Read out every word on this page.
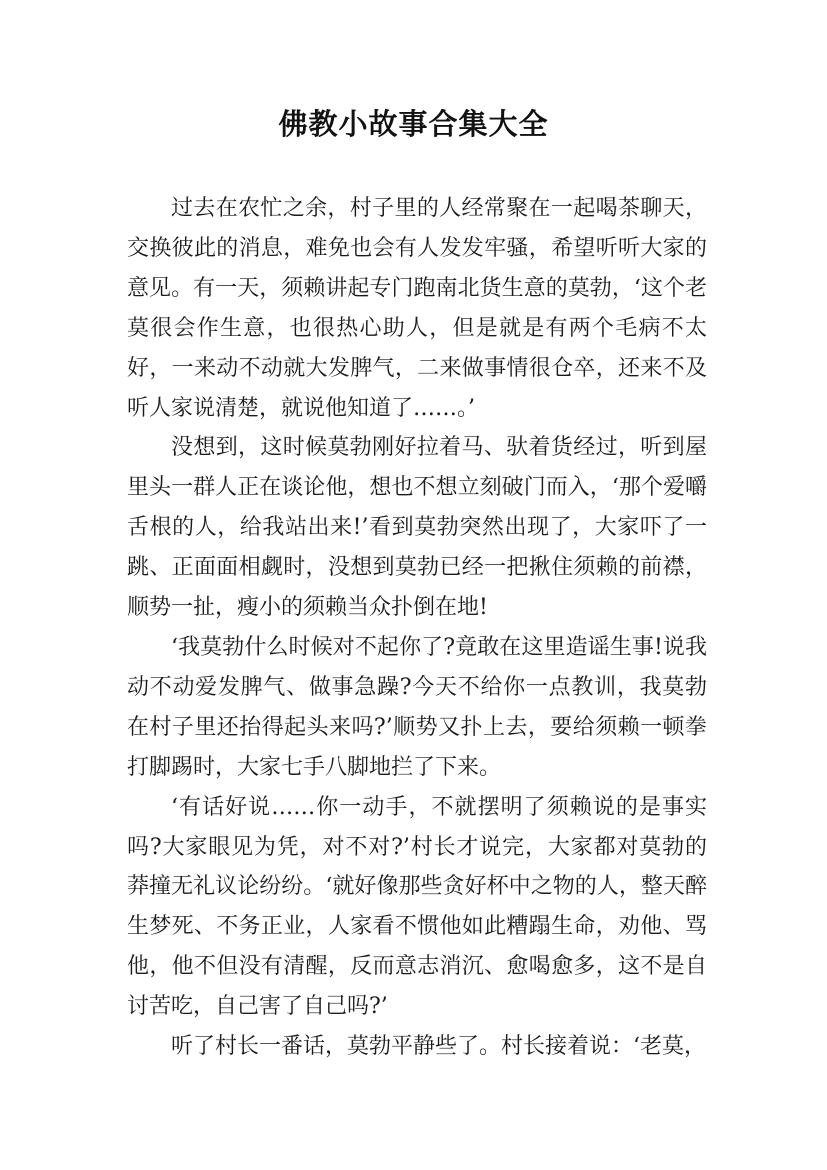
佛教小故事合集大全

过去在农忙之余，村子里的人经常聚在一起喝茶聊天，交换彼此的消息，难免也会有人发发牢骚，希望听听大家的意见。有一天，须赖讲起专门跑南北货生意的莫勃，‘这个老莫很会作生意，也很热心助人，但是就是有两个毛病不太好，一来动不动就大发脾气，二来做事情很仓卒，还来不及听人家说清楚，就说他知道了……。’

没想到，这时候莫勃刚好拉着马、驮着货经过，听到屋里头一群人正在谈论他，想也不想立刻破门而入，‘那个爱嚼舌根的人，给我站出来!’看到莫勃突然出现了，大家吓了一跳、正面面相觑时，没想到莫勃已经一把揪住须赖的前襟，顺势一扯，瘦小的须赖当众扑倒在地!

‘我莫勃什么时候对不起你了?竟敢在这里造谣生事!说我动不动爱发脾气、做事急躁?今天不给你一点教训，我莫勃在村子里还抬得起头来吗?’顺势又扑上去，要给须赖一顿拳打脚踢时，大家七手八脚地拦了下来。

‘有话好说……你一动手，不就摆明了须赖说的是事实吗?大家眼见为凭，对不对?’村长才说完，大家都对莫勃的莽撞无礼议论纷纷。‘就好像那些贪好杯中之物的人，整天醉生梦死、不务正业，人家看不惯他如此糟蹋生命，劝他、骂他，他不但没有清醒，反而意志消沉、愈喝愈多，这不是自讨苦吃，自己害了自己吗?’

听了村长一番话，莫勃平静些了。村长接着说：‘老莫，
